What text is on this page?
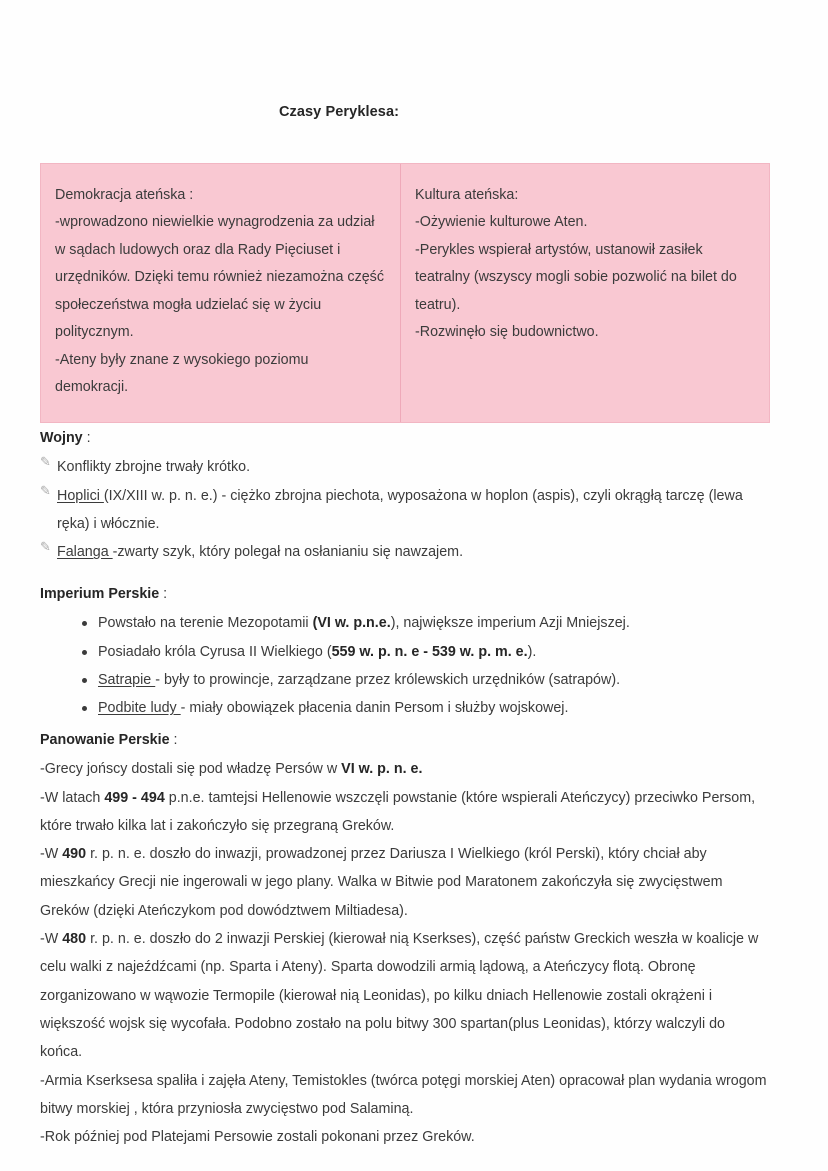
Czasy Peryklesa:

Demokracja ateńska :

-wprowadzono niewielkie wynagrodzenia za udział w sądach ludowych oraz dla Rady Pięciuset i urzędników. Dzięki temu również niezamożna część społeczeństwa mogła udzielać się w życiu politycznym.

-Ateny były znane z wysokiego poziomu demokracji.

Kultura ateńska:

-Ożywienie kulturowe Aten.

-Perykles wspierał artystów, ustanowił zasiłek teatralny (wszyscy mogli sobie pozwolić na bilet do teatru).

-Rozwinęło się budownictwo.

Wojny :
✎ Konflikty zbrojne trwały krótko.
✎ Hoplici (IX/XIII w. p. n. e.) - ciężko zbrojna piechota, wyposażona w hoplon (aspis), czyli okrągłą tarczę (lewa ręka) i włócznie.
✎ Falanga -zwarty szyk, który polegał na osłanianiu się nawzajem.
Imperium Perskie :
Powstało na terenie Mezopotamii (VI w. p.n.e.), największe imperium Azji Mniejszej.
Posiadało króla Cyrusa II Wielkiego (559 w. p. n. e - 539 w. p. m. e.).
Satrapie - były to prowincje, zarządzane przez królewskich urzędników (satrapów).
Podbite ludy - miały obowiązek płacenia danin Persom i służby wojskowej.
Panowanie Perskie :
-Grecy jońscy dostali się pod władzę Persów w VI w. p. n. e.
-W latach 499 - 494 p.n.e. tamtejsi Hellenowie wszczęli powstanie (które wspierali Ateńczycy) przeciwko Persom, które trwało kilka lat i zakończyło się przegraną Greków.
-W 490 r. p. n. e. doszło do inwazji, prowadzonej przez Dariusza I Wielkiego (król Perski), który chciał aby mieszkańcy Grecji nie ingerowali w jego plany. Walka w Bitwie pod Maratonem zakończyła się zwycięstwem Greków (dzięki Ateńczykom pod dowództwem Miltiadesa).
-W 480 r. p. n. e. doszło do 2 inwazji Perskiej (kierował nią Kserkses), część państw Greckich weszła w koalicje w celu walki z najeźdźcami (np. Sparta i Ateny). Sparta dowodzili armią lądową, a Ateńczycy flotą. Obronę zorganizowano w wąwozie Termopile (kierował nią Leonidas), po kilku dniach Hellenowie zostali okrążeni i większość wojsk się wycofała. Podobno zostało na polu bitwy 300 spartan(plus Leonidas), którzy walczyli do końca.
-Armia Kserksesa spaliła i zajęła Ateny, Temistokles (twórca potęgi morskiej Aten) opracował plan wydania wrogom bitwy morskiej , która przyniosła zwycięstwo pod Salaminą.
-Rok później pod Platejami Persowie zostali pokonani przez Greków.
